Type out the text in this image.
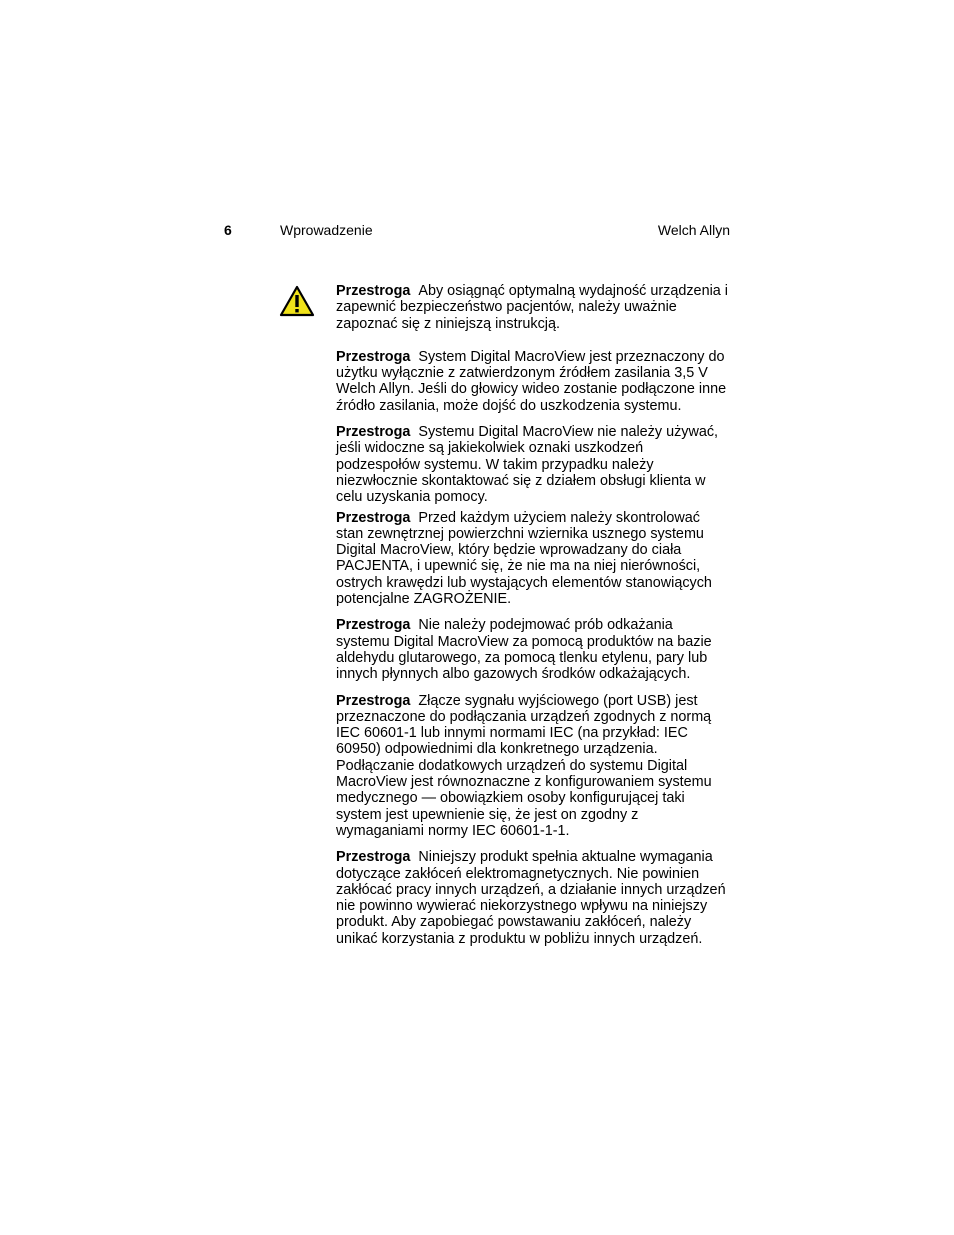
6	Wprowadzenie	Welch Allyn

Przestroga Aby osiągnąć optymalną wydajność urządzenia i zapewnić bezpieczeństwo pacjentów, należy uważnie zapoznać się z niniejszą instrukcją.

Przestroga System Digital MacroView jest przeznaczony do użytku wyłącznie z zatwierdzonym źródłem zasilania 3,5 V Welch Allyn. Jeśli do głowicy wideo zostanie podłączone inne źródło zasilania, może dojść do uszkodzenia systemu.

Przestroga Systemu Digital MacroView nie należy używać, jeśli widoczne są jakiekolwiek oznaki uszkodzeń podzespołów systemu. W takim przypadku należy niezwłocznie skontaktować się z działem obsługi klienta w celu uzyskania pomocy.

Przestroga Przed każdym użyciem należy skontrolować stan zewnętrznej powierzchni wziernika usznego systemu Digital MacroView, który będzie wprowadzany do ciała PACJENTA, i upewnić się, że nie ma na niej nierówności, ostrych krawędzi lub wystających elementów stanowiących potencjalne ZAGROŻENIE.

Przestroga Nie należy podejmować prób odkażania systemu Digital MacroView za pomocą produktów na bazie aldehydu glutarowego, za pomocą tlenku etylenu, pary lub innych płynnych albo gazowych środków odkażających.

Przestroga Złącze sygnału wyjściowego (port USB) jest przeznaczone do podłączania urządzeń zgodnych z normą IEC 60601-1 lub innymi normami IEC (na przykład: IEC 60950) odpowiednimi dla konkretnego urządzenia. Podłączanie dodatkowych urządzeń do systemu Digital MacroView jest równoznaczne z konfigurowaniem systemu medycznego — obowiązkiem osoby konfigurującej taki system jest upewnienie się, że jest on zgodny z wymaganiami normy IEC 60601-1-1.

Przestroga Niniejszy produkt spełnia aktualne wymagania dotyczące zakłóceń elektromagnetycznych. Nie powinien zakłócać pracy innych urządzeń, a działanie innych urządzeń nie powinno wywierać niekorzystnego wpływu na niniejszy produkt. Aby zapobiegać powstawaniu zakłóceń, należy unikać korzystania z produktu w pobliżu innych urządzeń.
